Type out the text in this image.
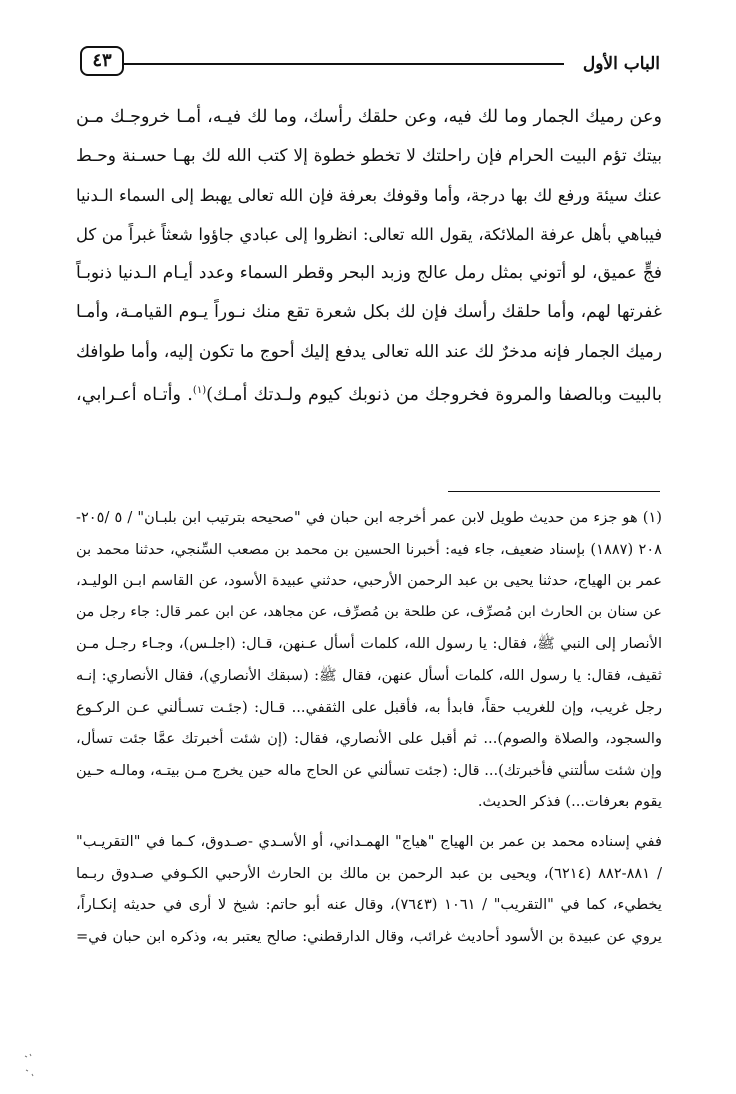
الباب الأول
٤٣

وعن رميك الجمار وما لك فيه، وعن حلقك رأسك، وما لك فيـه، أمـا خروجـك مـن

بيتك تؤم البيت الحرام فإن راحلتك لا تخطو خطوة إلا كتب الله لك بهـا حسـنة وحـط

عنك سيئة ورفع لك بها درجة، وأما وقوفك بعرفة فإن الله تعالى يهبط إلى السماء الـدنيا

فيباهي بأهل عرفة الملائكة، يقول الله تعالى: انظروا إلى عبادي جاؤوا شعثاً غبراً من كل

فجٍّ عميق، لو أتوني بمثل رمل عالج وزبد البحر وقطر السماء وعدد أيـام الـدنيا ذنوبـاً

غفرتها لهم، وأما حلقك رأسك فإن لك بكل شعرة تقع منك نـوراً يـوم القيامـة، وأمـا

رميك الجمار فإنه مدخرٌ لك عند الله تعالى يدفع إليك أحوج ما تكون إليه، وأما طوافك

بالبيت وبالصفا والمروة فخروجك من ذنوبك كيوم ولـدتك أمـك)$^{(١)}$. وأتـاه أعـرابي،

(١) هو جزء من حديث طويل لابن عمر أخرجه ابن حبان في "صحيحه بترتيب ابن بلبـان" / ٥ /٢٠٥-

٢٠٨ (١٨٨٧) بإسناد ضعيف، جاء فيه: أخبرنا الحسين بن محمد بن مصعب السِّنجي، حدثنا محمد بن

عمر بن الهياج، حدثنا يحيى بن عبد الرحمن الأرحبي، حدثني عبيدة الأسود، عن القاسم ابـن الوليـد،

عن سنان بن الحارث ابن مُصرِّف، عن طلحة بن مُصرِّف، عن مجاهد، عن ابن عمر قال: جاء رجل من

الأنصار إلى النبي ﷺ، فقال: يا رسول الله، كلمات أسأل عـنهن، قـال: (اجلـس)، وجـاء رجـل مـن

ثقيف، فقال: يا رسول الله، كلمات أسأل عنهن، فقال ﷺ: (سبقك الأنصاري)، فقال الأنصاري: إنـه

رجل غريب، وإن للغريب حقاً، فابدأ به، فأقبل على الثقفي... قـال: (جئـت تسـألني عـن الركـوع

والسجود، والصلاة والصوم)... ثم أقبل على الأنصاري، فقال: (إن شئت أخبرتك عمَّا جئت تسأل،

وإن شئت سألتني فأخبرتك)... قال: (جئت تسألني عن الحاج ماله حين يخرج مـن بيتـه، ومالـه حـين

يقوم بعرفات...) فذكر الحديث.

ففي إسناده محمد بن عمر بن الهياج "هياج" الهمـداني، أو الأسـدي -صـدوق، كـما في "التقريـب"

/ ٨٨١-٨٨٢ (٦٢١٤)، ويحيى بن عبد الرحمن بن مالك بن الحارث الأرحبي الكـوفي صـدوق ربـما

يخطيء، كما في "التقريب" / ١٠٦١ (٧٦٤٣)، وقال عنه أبو حاتم: شيخ لا أرى في حديثه إنكـاراً،

يروي عن عبيدة بن الأسود أحاديث غرائب، وقال الدارقطني: صالح يعتبر به، وذكره ابن حبان في=
